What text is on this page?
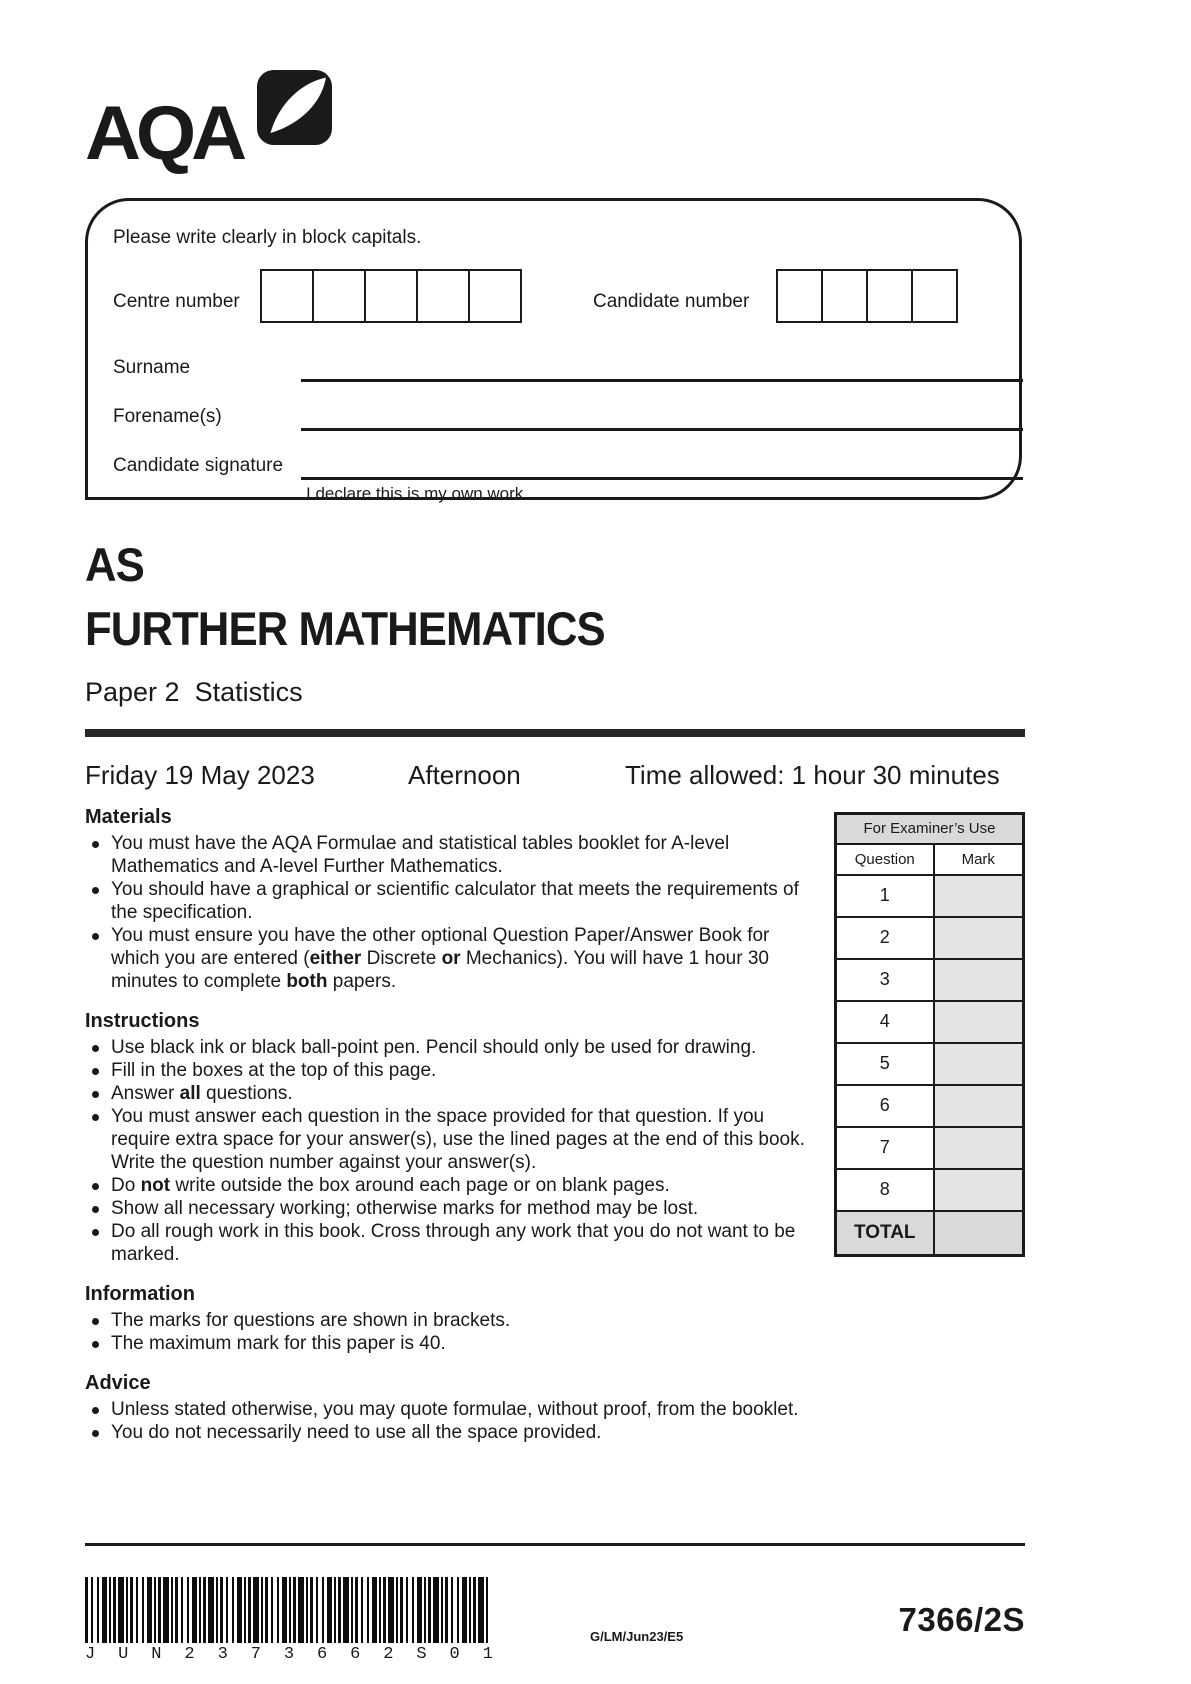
AQA
Please write clearly in block capitals.
Centre number	Candidate number
Surname
Forename(s)
Candidate signature
I declare this is my own work.
AS
FURTHER MATHEMATICS
Paper 2  Statistics
Friday 19 May 2023	Afternoon	Time allowed: 1 hour 30 minutes
Materials
You must have the AQA Formulae and statistical tables booklet for A-level Mathematics and A-level Further Mathematics.
You should have a graphical or scientific calculator that meets the requirements of the specification.
You must ensure you have the other optional Question Paper/Answer Book for which you are entered (either Discrete or Mechanics). You will have 1 hour 30 minutes to complete both papers.
Instructions
Use black ink or black ball-point pen. Pencil should only be used for drawing.
Fill in the boxes at the top of this page.
Answer all questions.
You must answer each question in the space provided for that question. If you require extra space for your answer(s), use the lined pages at the end of this book. Write the question number against your answer(s).
Do not write outside the box around each page or on blank pages.
Show all necessary working; otherwise marks for method may be lost.
Do all rough work in this book. Cross through any work that you do not want to be marked.
Information
The marks for questions are shown in brackets.
The maximum mark for this paper is 40.
Advice
Unless stated otherwise, you may quote formulae, without proof, from the booklet.
You do not necessarily need to use all the space provided.
For Examiner’s Use	
Question	Mark
1	
2	
3	
4	
5	
6	
7	
8	
TOTAL	
J U N 2 3 7 3 6 6 2 S 0 1
G/LM/Jun23/E5	7366/2S
